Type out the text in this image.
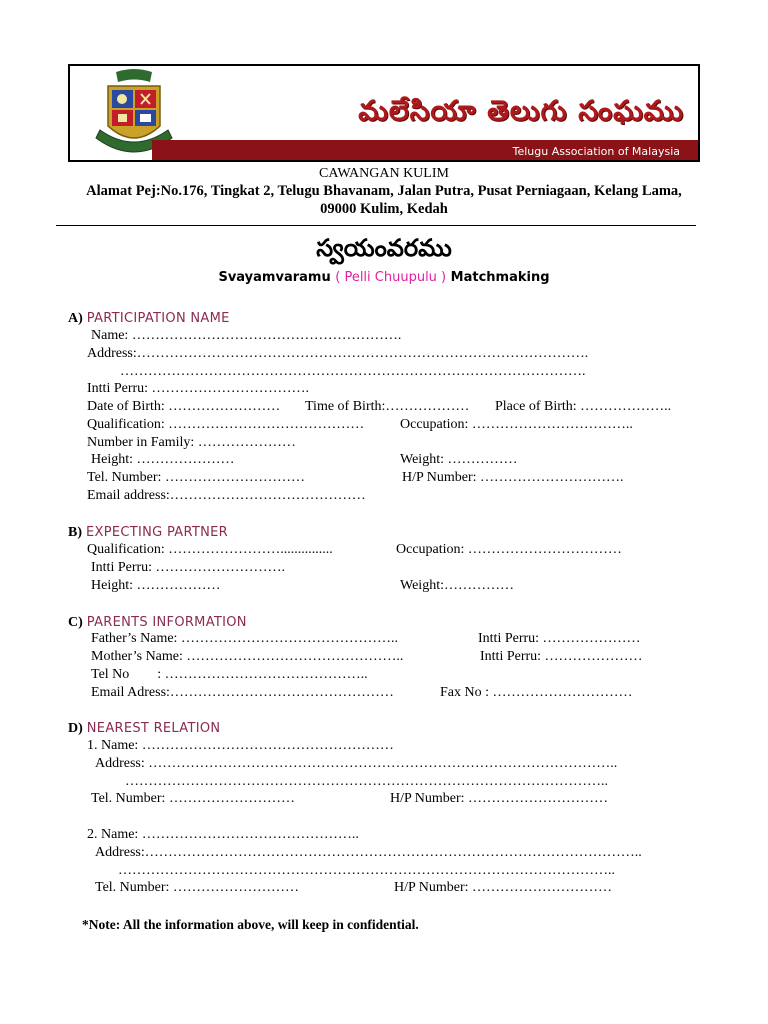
మలేసియా తెలుగు సంఘము
Telugu Association of Malaysia
CAWANGAN KULIM
Alamat Pej:No.176, Tingkat 2, Telugu Bhavanam, Jalan Putra, Pusat Perniagaan, Kelang Lama,
09000 Kulim, Kedah
స్వయంవరము
Svayamvaramu ( Pelli Chuupulu ) Matchmaking
A) PARTICIPATION NAME
Name: ………………………………………………….
Address:…………………………………………………………………………………….
……………………………………………………………………………………….
Intti Perru: …………………………….
Date of Birth: …………………… Time of Birth:……………… Place of Birth: ………………..
Qualification: ……………………………………	Occupation: ……………………………..
Number in Family: …………………
Height: …………………	Weight: ……………
Tel. Number: …………………………	H/P Number: ………………………….
Email address:……………………………………
B) EXPECTING PARTNER
Qualification: ……………………...............	Occupation: ……………………………
Intti Perru: ……………………….
Height: ………………	Weight:……………
C) PARENTS INFORMATION
Father’s Name: ………………………………………..	Intti Perru: …………………
Mother’s Name: ………………………………………..	Intti Perru: …………………
Tel No        : ……………………………………..
Email Adress:…………………………………………	Fax No : …………………………
D) NEAREST RELATION
1. Name: ………………………………………………
Address: ………………………………………………………………………………………..
…………………………………………………………………………………………..
Tel. Number: ………………………	H/P Number: …………………………
2. Name: ………………………………………..
Address:……………………………………………………………………………………………..
……………………………………………………………………………………………..
Tel. Number: ………………………	H/P Number: …………………………
*Note: All the information above, will keep in confidential.
